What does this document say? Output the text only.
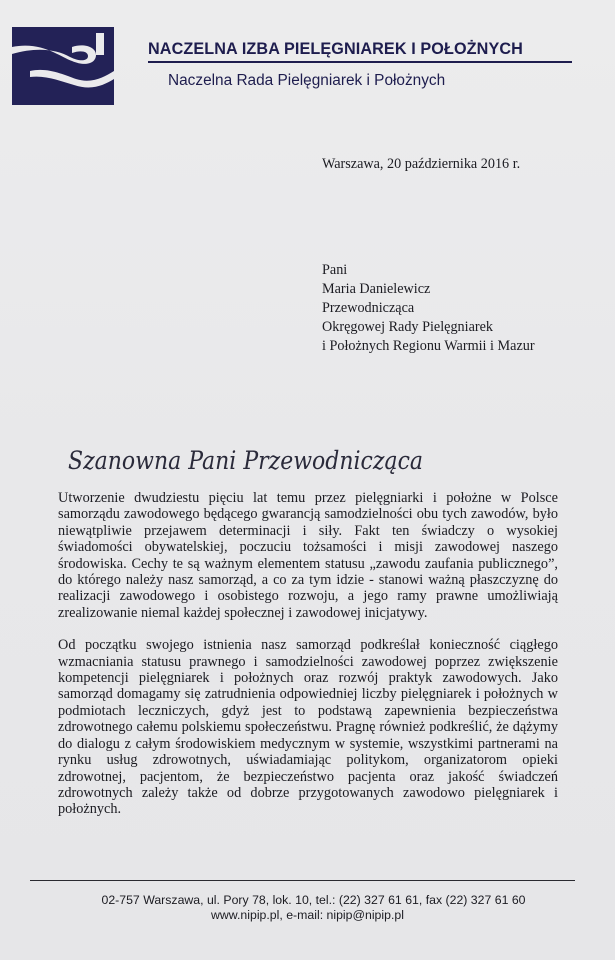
NACZELNA IZBA PIELĘGNIAREK I POŁOŻNYCH
Naczelna Rada Pielęgniarek i Położnych
Warszawa, 20 października 2016 r.
Pani
Maria Danielewicz
Przewodnicząca
Okręgowej Rady Pielęgniarek
i Położnych Regionu Warmii i Mazur
Szanowna Pani Przewodnicząca

Utworzenie dwudziestu pięciu lat temu przez pielęgniarki i położne w Polsce samorządu zawodowego będącego gwarancją samodzielności obu tych zawodów, było niewątpliwie przejawem determinacji i siły. Fakt ten świadczy o wysokiej świadomości obywatelskiej, poczuciu tożsamości i misji zawodowej naszego środowiska. Cechy te są ważnym elementem statusu „zawodu zaufania publicznego”, do którego należy nasz samorząd, a co za tym idzie - stanowi ważną płaszczyznę do realizacji zawodowego i osobistego rozwoju, a jego ramy prawne umożliwiają zrealizowanie niemal każdej społecznej i zawodowej inicjatywy.

Od początku swojego istnienia nasz samorząd podkreślał konieczność ciągłego wzmacniania statusu prawnego i samodzielności zawodowej poprzez zwiększenie kompetencji pielęgniarek i położnych oraz rozwój praktyk zawodowych. Jako samorząd domagamy się zatrudnienia odpowiedniej liczby pielęgniarek i położnych w podmiotach leczniczych, gdyż jest to podstawą zapewnienia bezpieczeństwa zdrowotnego całemu polskiemu społeczeństwu. Pragnę również podkreślić, że dążymy do dialogu z całym środowiskiem medycznym w systemie, wszystkimi partnerami na rynku usług zdrowotnych, uświadamiając politykom, organizatorom opieki zdrowotnej, pacjentom, że bezpieczeństwo pacjenta oraz jakość świadczeń zdrowotnych zależy także od dobrze przygotowanych zawodowo pielęgniarek i położnych.

02-757 Warszawa, ul. Pory 78, lok. 10, tel.: (22) 327 61 61, fax (22) 327 61 60
www.nipip.pl, e-mail: nipip@nipip.pl
